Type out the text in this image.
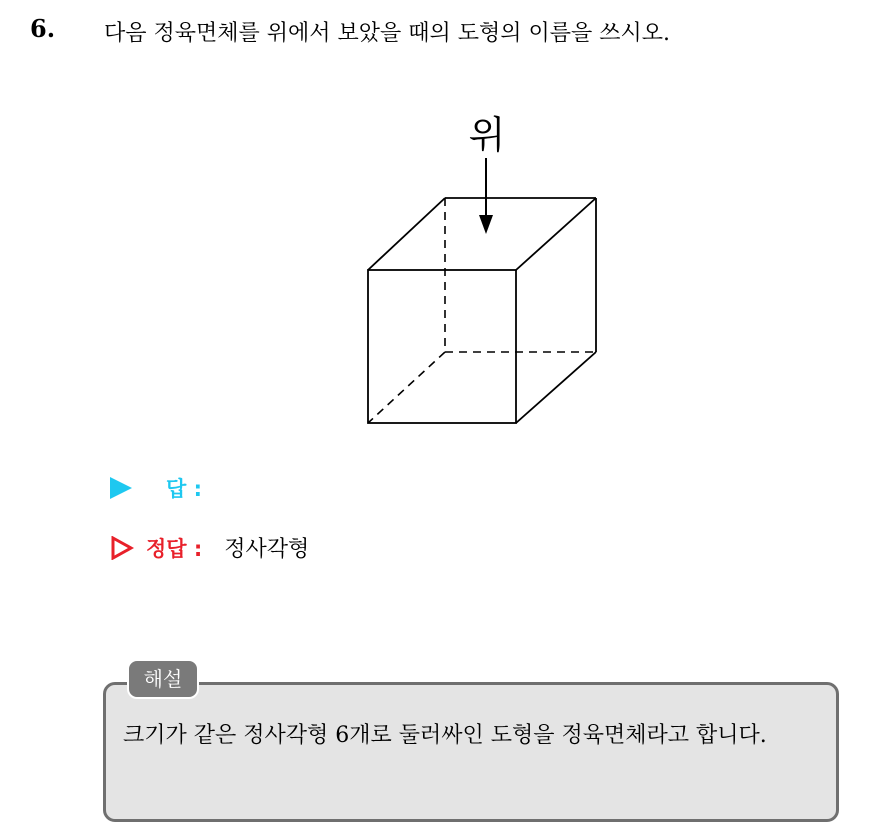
6. 다음 정육면체를 위에서 보았을 때의 도형의 이름을 쓰시오.
위
답 :
정답 : 정사각형
해설
크기가 같은 정사각형 6개로 둘러싸인 도형을 정육면체라고 합니다.
